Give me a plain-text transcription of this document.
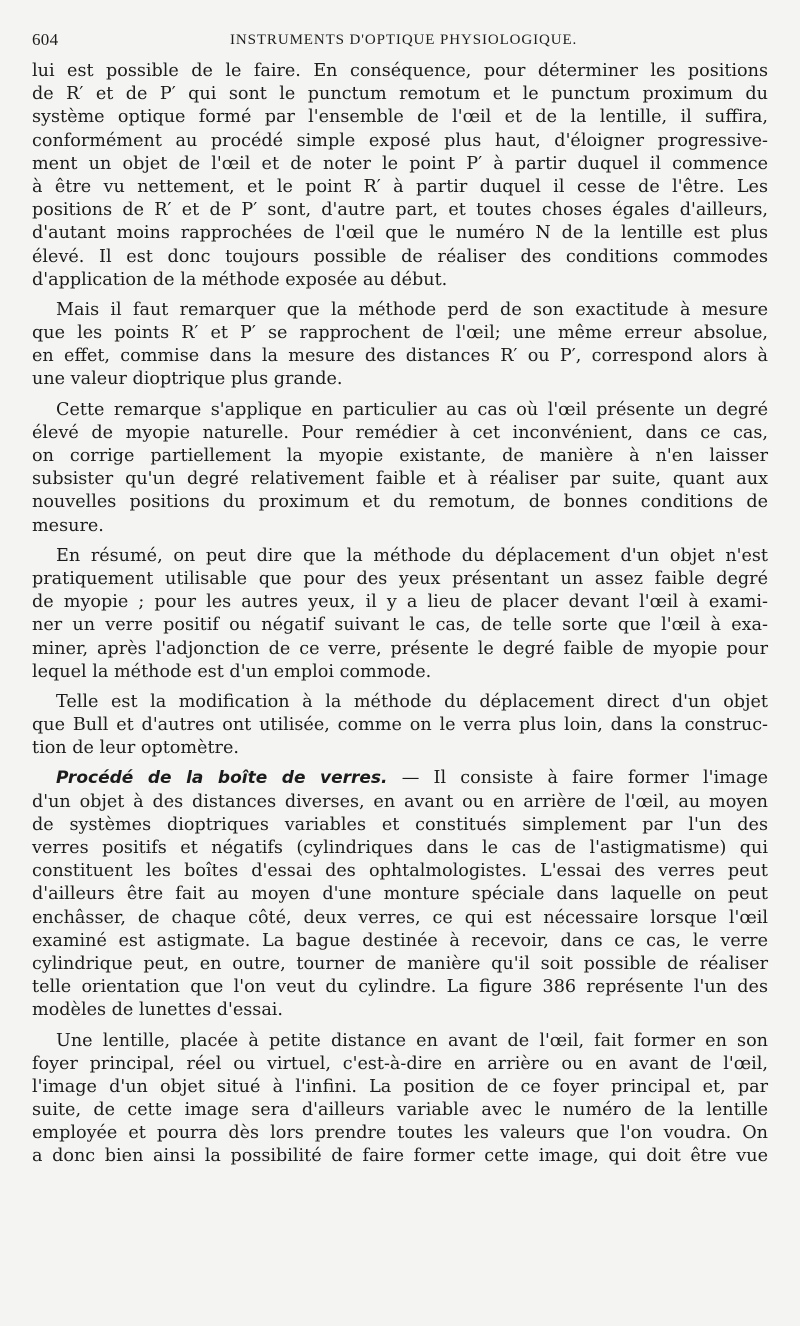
604	INSTRUMENTS D'OPTIQUE PHYSIOLOGIQUE.
lui est possible de le faire. En conséquence, pour déterminer les positions
de R′ et de P′ qui sont le punctum remotum et le punctum proximum du
système optique formé par l'ensemble de l'œil et de la lentille, il suffira,
conformément au procédé simple exposé plus haut, d'éloigner progressive-
ment un objet de l'œil et de noter le point P′ à partir duquel il commence
à être vu nettement, et le point R′ à partir duquel il cesse de l'être. Les
positions de R′ et de P′ sont, d'autre part, et toutes choses égales d'ailleurs,
d'autant moins rapprochées de l'œil que le numéro N de la lentille est plus
élevé. Il est donc toujours possible de réaliser des conditions commodes
d'application de la méthode exposée au début.
Mais il faut remarquer que la méthode perd de son exactitude à mesure
que les points R′ et P′ se rapprochent de l'œil; une même erreur absolue,
en effet, commise dans la mesure des distances R′ ou P′, correspond alors à
une valeur dioptrique plus grande.
Cette remarque s'applique en particulier au cas où l'œil présente un degré
élevé de myopie naturelle. Pour remédier à cet inconvénient, dans ce cas,
on corrige partiellement la myopie existante, de manière à n'en laisser
subsister qu'un degré relativement faible et à réaliser par suite, quant aux
nouvelles positions du proximum et du remotum, de bonnes conditions de
mesure.
En résumé, on peut dire que la méthode du déplacement d'un objet n'est
pratiquement utilisable que pour des yeux présentant un assez faible degré
de myopie ; pour les autres yeux, il y a lieu de placer devant l'œil à exami-
ner un verre positif ou négatif suivant le cas, de telle sorte que l'œil à exa-
miner, après l'adjonction de ce verre, présente le degré faible de myopie pour
lequel la méthode est d'un emploi commode.
Telle est la modification à la méthode du déplacement direct d'un objet
que Bull et d'autres ont utilisée, comme on le verra plus loin, dans la construc-
tion de leur optomètre.
Procédé de la boîte de verres. — Il consiste à faire former l'image
d'un objet à des distances diverses, en avant ou en arrière de l'œil, au moyen
de systèmes dioptriques variables et constitués simplement par l'un des
verres positifs et négatifs (cylindriques dans le cas de l'astigmatisme) qui
constituent les boîtes d'essai des ophtalmologistes. L'essai des verres peut
d'ailleurs être fait au moyen d'une monture spéciale dans laquelle on peut
enchâsser, de chaque côté, deux verres, ce qui est nécessaire lorsque l'œil
examiné est astigmate. La bague destinée à recevoir, dans ce cas, le verre
cylindrique peut, en outre, tourner de manière qu'il soit possible de réaliser
telle orientation que l'on veut du cylindre. La figure 386 représente l'un des
modèles de lunettes d'essai.
Une lentille, placée à petite distance en avant de l'œil, fait former en son
foyer principal, réel ou virtuel, c'est-à-dire en arrière ou en avant de l'œil,
l'image d'un objet situé à l'infini. La position de ce foyer principal et, par
suite, de cette image sera d'ailleurs variable avec le numéro de la lentille
employée et pourra dès lors prendre toutes les valeurs que l'on voudra. On
a donc bien ainsi la possibilité de faire former cette image, qui doit être vue
